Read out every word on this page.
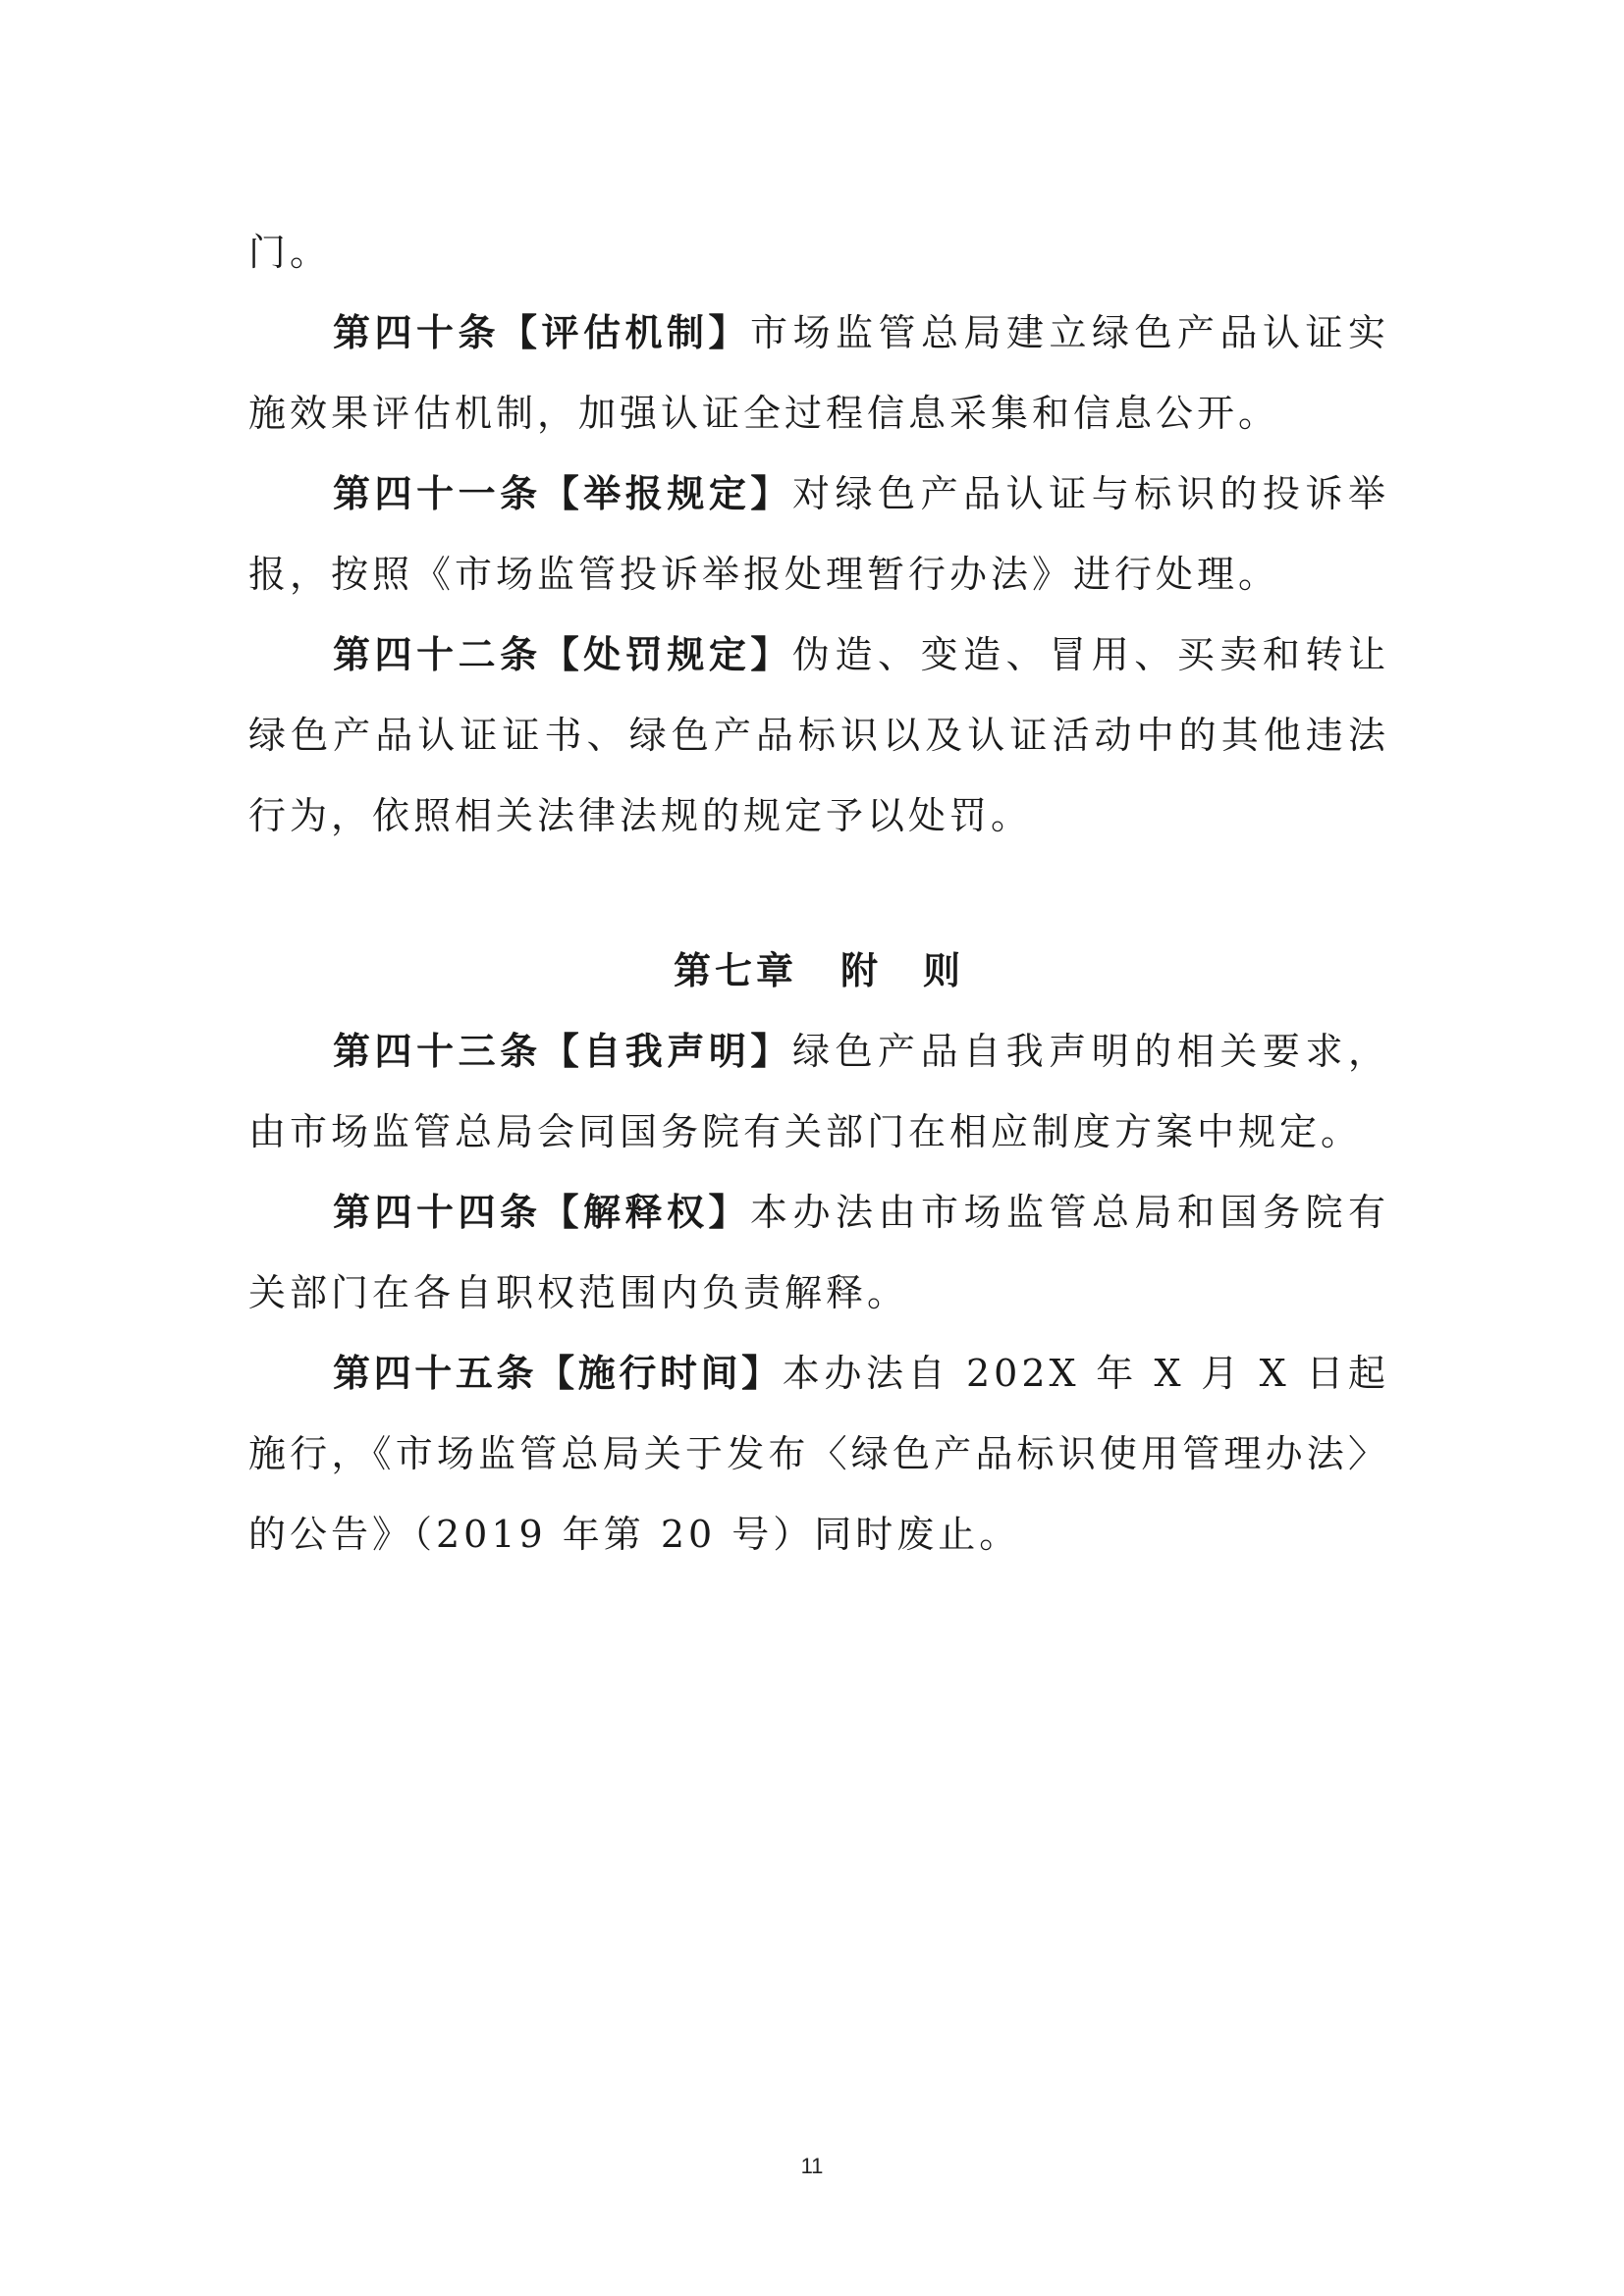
门。

第四十条【评估机制】市场监管总局建立绿色产品认证实施效果评估机制，加强认证全过程信息采集和信息公开。

第四十一条【举报规定】对绿色产品认证与标识的投诉举报，按照《市场监管投诉举报处理暂行办法》进行处理。

第四十二条【处罚规定】伪造、变造、冒用、买卖和转让绿色产品认证证书、绿色产品标识以及认证活动中的其他违法行为，依照相关法律法规的规定予以处罚。

第七章 附　则

第四十三条【自我声明】绿色产品自我声明的相关要求，由市场监管总局会同国务院有关部门在相应制度方案中规定。

第四十四条【解释权】本办法由市场监管总局和国务院有关部门在各自职权范围内负责解释。

第四十五条【施行时间】本办法自 202X 年 X 月 X 日起施行，《市场监管总局关于发布〈绿色产品标识使用管理办法〉的公告》（2019 年第 20 号）同时废止。

11
